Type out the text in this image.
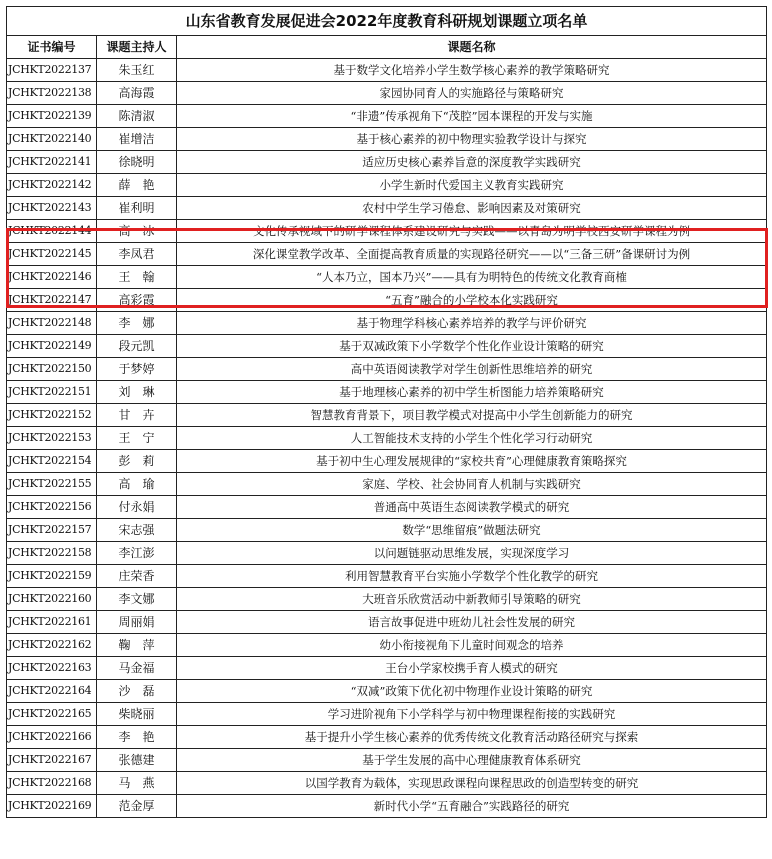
山东省教育发展促进会2022年度教育科研规划课题立项名单		
证书编号	课题主持人	课题名称
JCHKT2022137	朱玉红	基于数学文化培养小学生数学核心素养的教学策略研究
JCHKT2022138	高海霞	家园协同育人的实施路径与策略研究
JCHKT2022139	陈清淑	“非遗”传承视角下“茂腔”园本课程的开发与实施
JCHKT2022140	崔增洁	基于核心素养的初中物理实验教学设计与探究
JCHKT2022141	徐晓明	适应历史核心素养旨意的深度教学实践研究
JCHKT2022142	薛　艳	小学生新时代爱国主义教育实践研究
JCHKT2022143	崔利明	农村中学生学习倦怠、影响因素及对策研究
JCHKT2022144	高　冰	文化传承视域下的研学课程体系建设研究与实践——以青岛为明学校西安研学课程为例
JCHKT2022145	李凤君	深化课堂教学改革、全面提高教育质量的实现路径研究——以“三备三研”备课研讨为例
JCHKT2022146	王　翰	“人本乃立，国本乃兴”——具有为明特色的传统文化教育商榷
JCHKT2022147	高彩霞	“五育”融合的小学校本化实践研究
JCHKT2022148	李　娜	基于物理学科核心素养培养的教学与评价研究
JCHKT2022149	段元凯	基于双减政策下小学数学个性化作业设计策略的研究
JCHKT2022150	于梦婷	高中英语阅读教学对学生创新性思维培养的研究
JCHKT2022151	刘　琳	基于地理核心素养的初中学生析图能力培养策略研究
JCHKT2022152	甘　卉	智慧教育背景下，项目教学模式对提高中小学生创新能力的研究
JCHKT2022153	王　宁	人工智能技术支持的小学生个性化学习行动研究
JCHKT2022154	彭　莉	基于初中生心理发展规律的“家校共育”心理健康教育策略探究
JCHKT2022155	高　瑜	家庭、学校、社会协同育人机制与实践研究
JCHKT2022156	付永娟	普通高中英语生态阅读教学模式的研究
JCHKT2022157	宋志强	数学“思维留痕”做题法研究
JCHKT2022158	李江澎	以问题链驱动思维发展，实现深度学习
JCHKT2022159	庄荣香	利用智慧教育平台实施小学数学个性化教学的研究
JCHKT2022160	李文娜	大班音乐欣赏活动中新教师引导策略的研究
JCHKT2022161	周丽娟	语言故事促进中班幼儿社会性发展的研究
JCHKT2022162	鞠　萍	幼小衔接视角下儿童时间观念的培养
JCHKT2022163	马金福	王台小学家校携手育人模式的研究
JCHKT2022164	沙　磊	“双减”政策下优化初中物理作业设计策略的研究
JCHKT2022165	柴晓丽	学习进阶视角下小学科学与初中物理课程衔接的实践研究
JCHKT2022166	李　艳	基于提升小学生核心素养的优秀传统文化教育活动路径研究与探索
JCHKT2022167	张德建	基于学生发展的高中心理健康教育体系研究
JCHKT2022168	马　燕	以国学教育为载体，实现思政课程向课程思政的创造型转变的研究
JCHKT2022169	范金厚	新时代小学“五育融合”实践路径的研究
